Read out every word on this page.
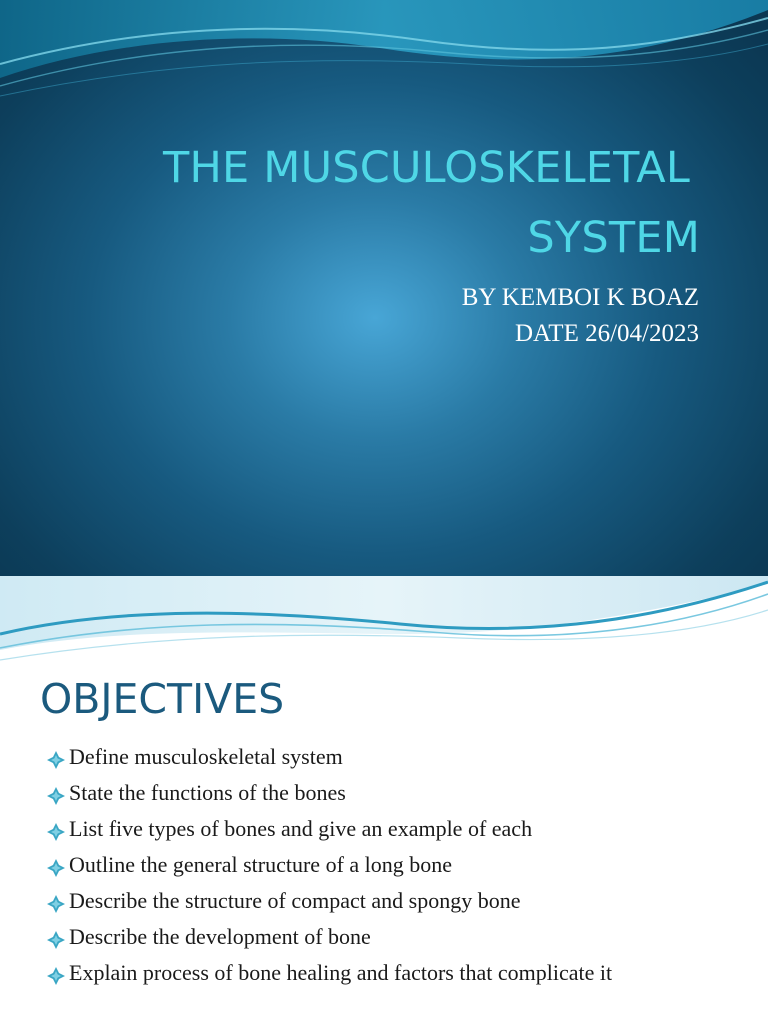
THE MUSCULOSKELETAL
SYSTEM
BY KEMBOI K BOAZ
DATE 26/04/2023
OBJECTIVES
Define musculoskeletal system
State the functions of the bones
List five types of bones and give an example of each
Outline the general structure of a long bone
Describe the structure of compact and spongy bone
Describe the development of bone
Explain process of bone healing and factors that complicate it
